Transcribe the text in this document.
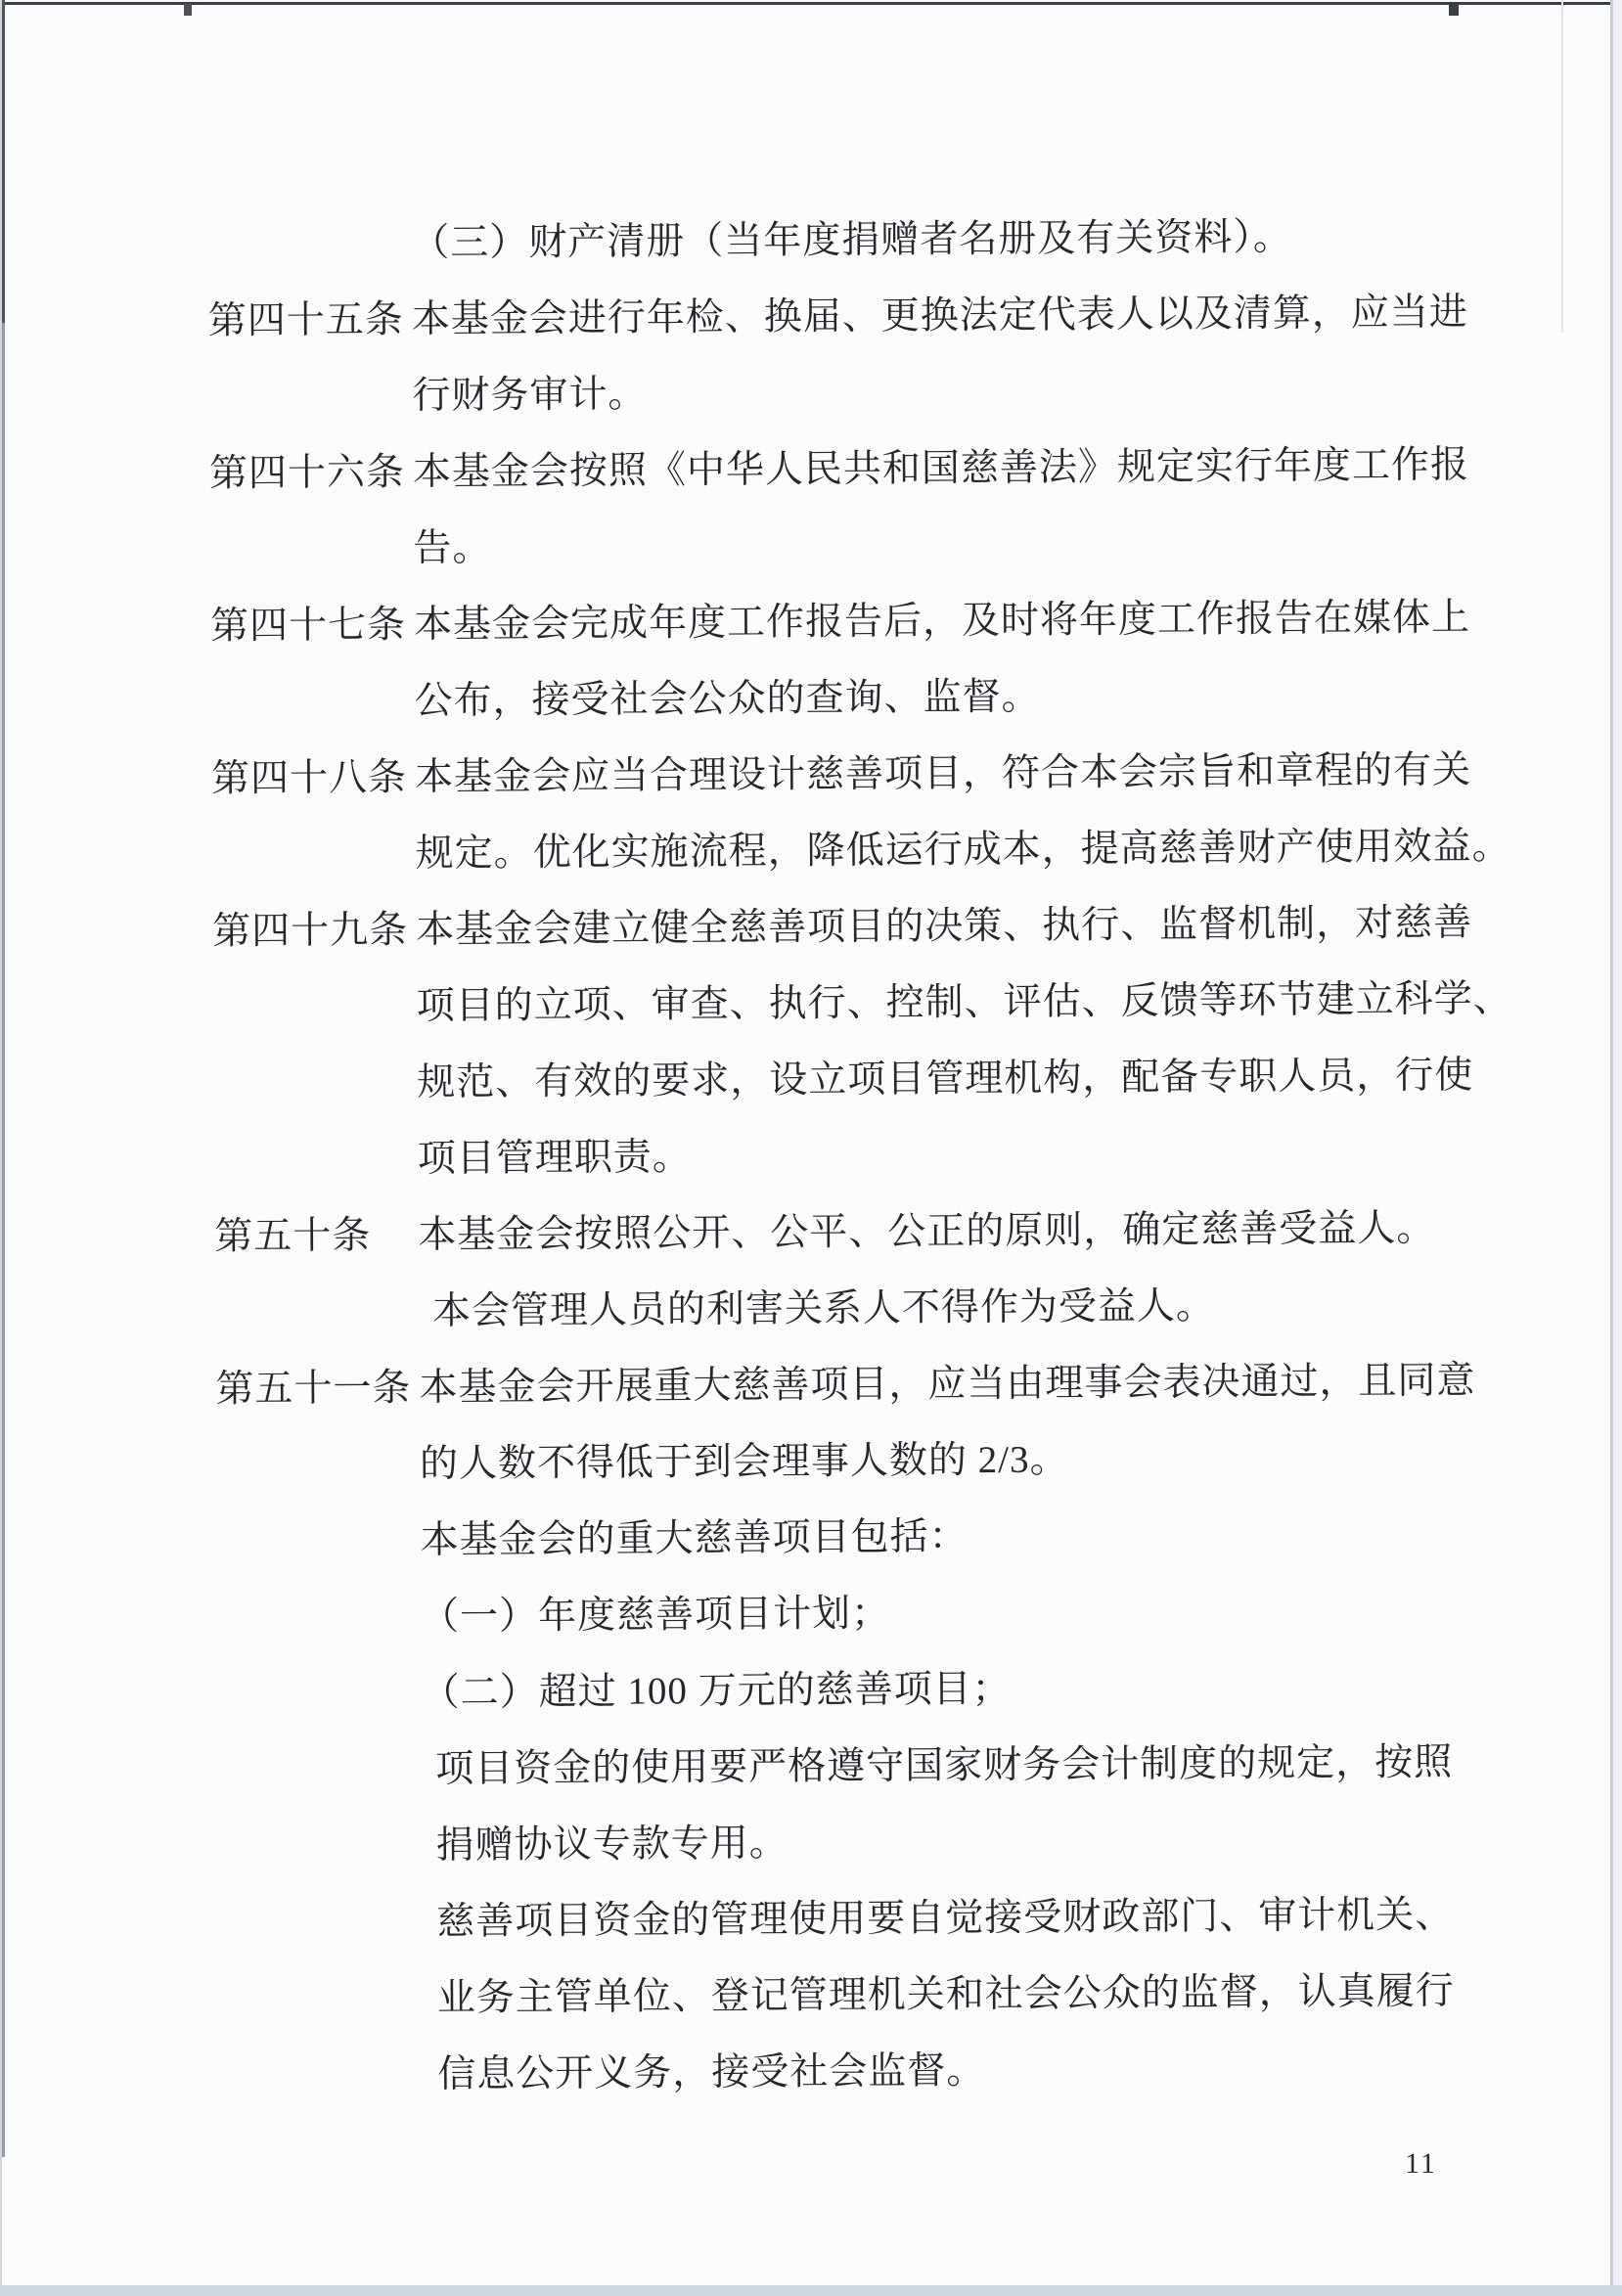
（三）财产清册（当年度捐赠者名册及有关资料）。
第四十五条 本基金会进行年检、换届、更换法定代表人以及清算，应当进
行财务审计。
第四十六条 本基金会按照《中华人民共和国慈善法》规定实行年度工作报
告。
第四十七条 本基金会完成年度工作报告后，及时将年度工作报告在媒体上
公布，接受社会公众的查询、监督。
第四十八条 本基金会应当合理设计慈善项目，符合本会宗旨和章程的有关
规定。优化实施流程，降低运行成本，提高慈善财产使用效益。
第四十九条 本基金会建立健全慈善项目的决策、执行、监督机制，对慈善
项目的立项、审查、执行、控制、评估、反馈等环节建立科学、
规范、有效的要求，设立项目管理机构，配备专职人员，行使
项目管理职责。
第五十条 本基金会按照公开、公平、公正的原则，确定慈善受益人。
本会管理人员的利害关系人不得作为受益人。
第五十一条 本基金会开展重大慈善项目，应当由理事会表决通过，且同意
的人数不得低于到会理事人数的 2/3。
本基金会的重大慈善项目包括：
（一）年度慈善项目计划；
（二）超过 100 万元的慈善项目；
项目资金的使用要严格遵守国家财务会计制度的规定，按照
捐赠协议专款专用。
慈善项目资金的管理使用要自觉接受财政部门、审计机关、
业务主管单位、登记管理机关和社会公众的监督，认真履行
信息公开义务，接受社会监督。
11
